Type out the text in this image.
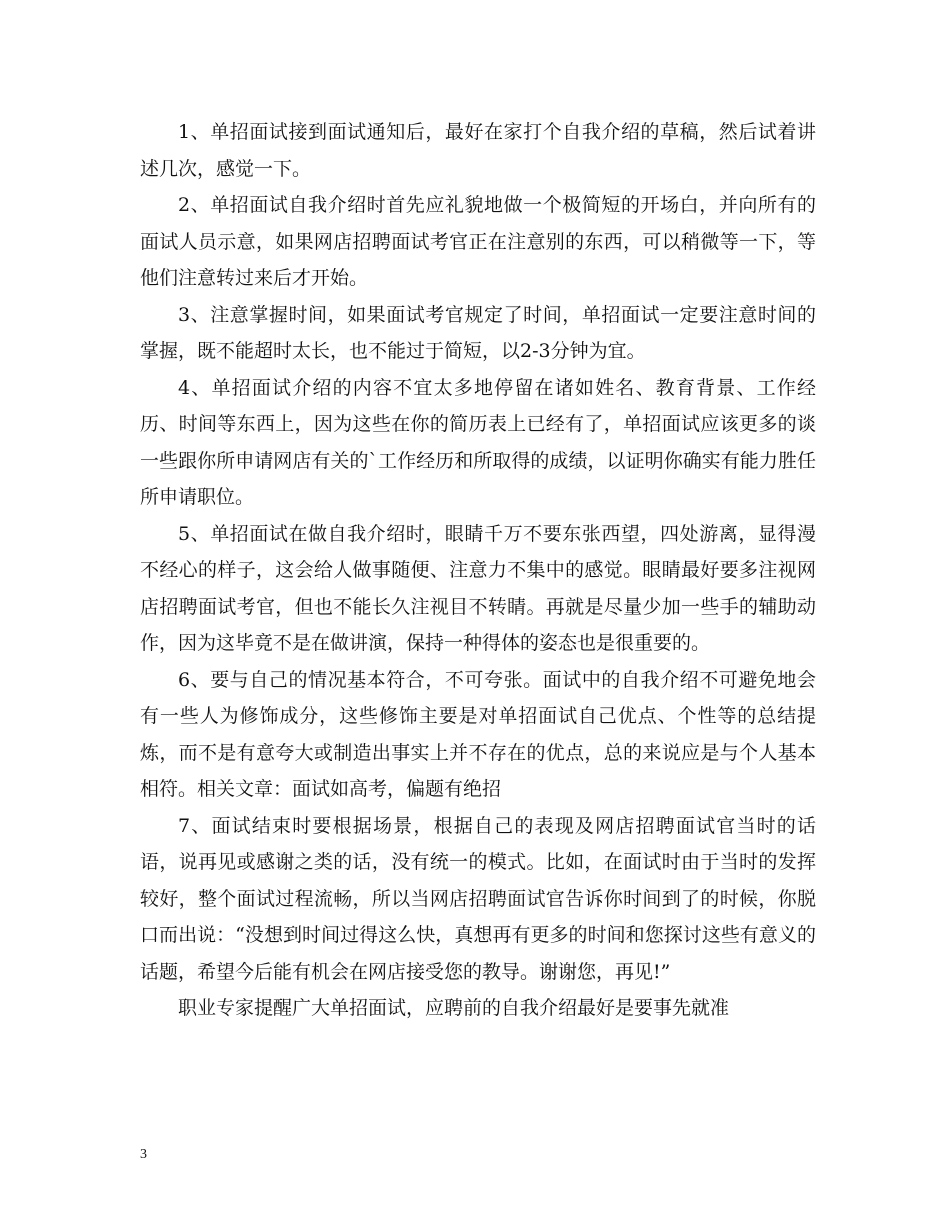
1、单招面试接到面试通知后，最好在家打个自我介绍的草稿，然后试着讲述几次，感觉一下。

2、单招面试自我介绍时首先应礼貌地做一个极简短的开场白，并向所有的面试人员示意，如果网店招聘面试考官正在注意别的东西，可以稍微等一下，等他们注意转过来后才开始。

3、注意掌握时间，如果面试考官规定了时间，单招面试一定要注意时间的掌握，既不能超时太长，也不能过于简短，以2-3分钟为宜。

4、单招面试介绍的内容不宜太多地停留在诸如姓名、教育背景、工作经历、时间等东西上，因为这些在你的简历表上已经有了，单招面试应该更多的谈一些跟你所申请网店有关的`工作经历和所取得的成绩，以证明你确实有能力胜任所申请职位。

5、单招面试在做自我介绍时，眼睛千万不要东张西望，四处游离，显得漫不经心的样子，这会给人做事随便、注意力不集中的感觉。眼睛最好要多注视网店招聘面试考官，但也不能长久注视目不转睛。再就是尽量少加一些手的辅助动作，因为这毕竟不是在做讲演，保持一种得体的姿态也是很重要的。

6、要与自己的情况基本符合，不可夸张。面试中的自我介绍不可避免地会有一些人为修饰成分，这些修饰主要是对单招面试自己优点、个性等的总结提炼，而不是有意夸大或制造出事实上并不存在的优点，总的来说应是与个人基本相符。相关文章：面试如高考，偏题有绝招

7、面试结束时要根据场景，根据自己的表现及网店招聘面试官当时的话语，说再见或感谢之类的话，没有统一的模式。比如，在面试时由于当时的发挥较好，整个面试过程流畅，所以当网店招聘面试官告诉你时间到了的时候，你脱口而出说：“没想到时间过得这么快，真想再有更多的时间和您探讨这些有意义的话题，希望今后能有机会在网店接受您的教导。谢谢您，再见!”

职业专家提醒广大单招面试，应聘前的自我介绍最好是要事先就准

3
